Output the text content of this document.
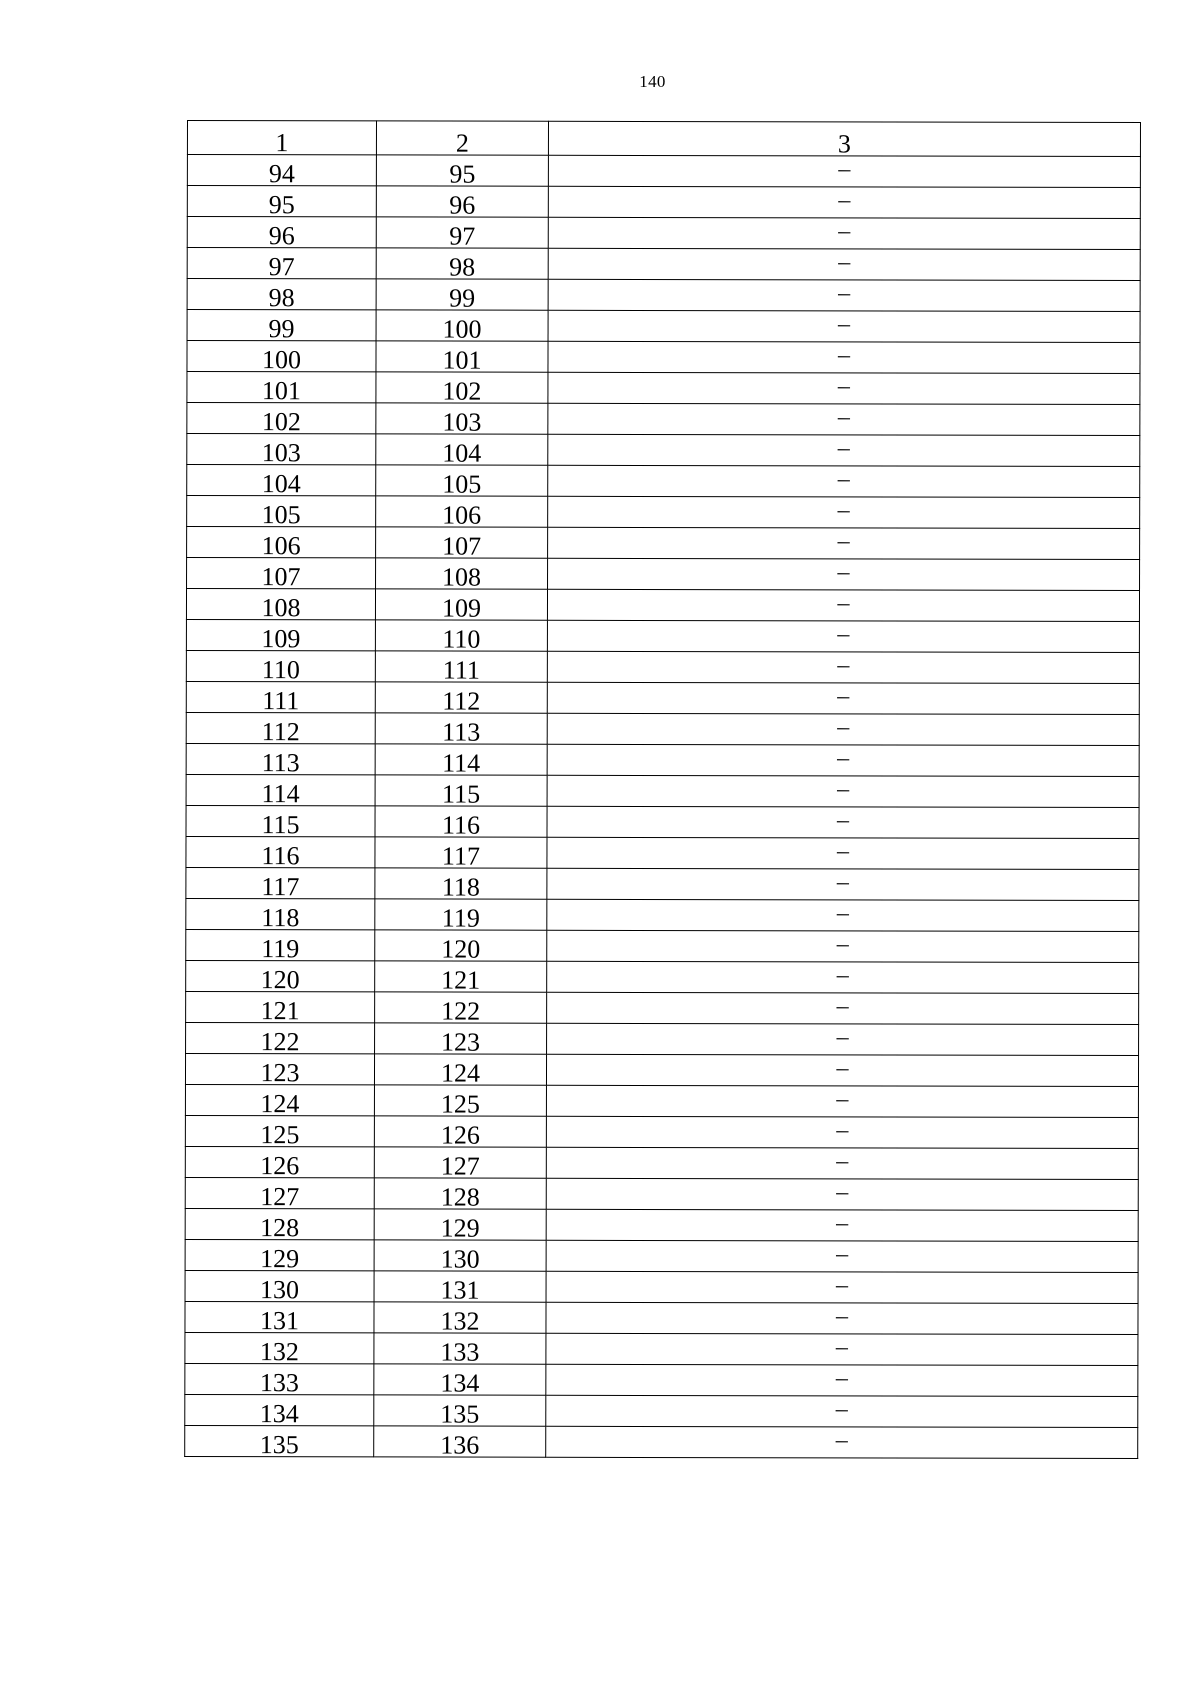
140
1	2	3
94	95	–
95	96	–
96	97	–
97	98	–
98	99	–
99	100	–
100	101	–
101	102	–
102	103	–
103	104	–
104	105	–
105	106	–
106	107	–
107	108	–
108	109	–
109	110	–
110	111	–
111	112	–
112	113	–
113	114	–
114	115	–
115	116	–
116	117	–
117	118	–
118	119	–
119	120	–
120	121	–
121	122	–
122	123	–
123	124	–
124	125	–
125	126	–
126	127	–
127	128	–
128	129	–
129	130	–
130	131	–
131	132	–
132	133	–
133	134	–
134	135	–
135	136	–
